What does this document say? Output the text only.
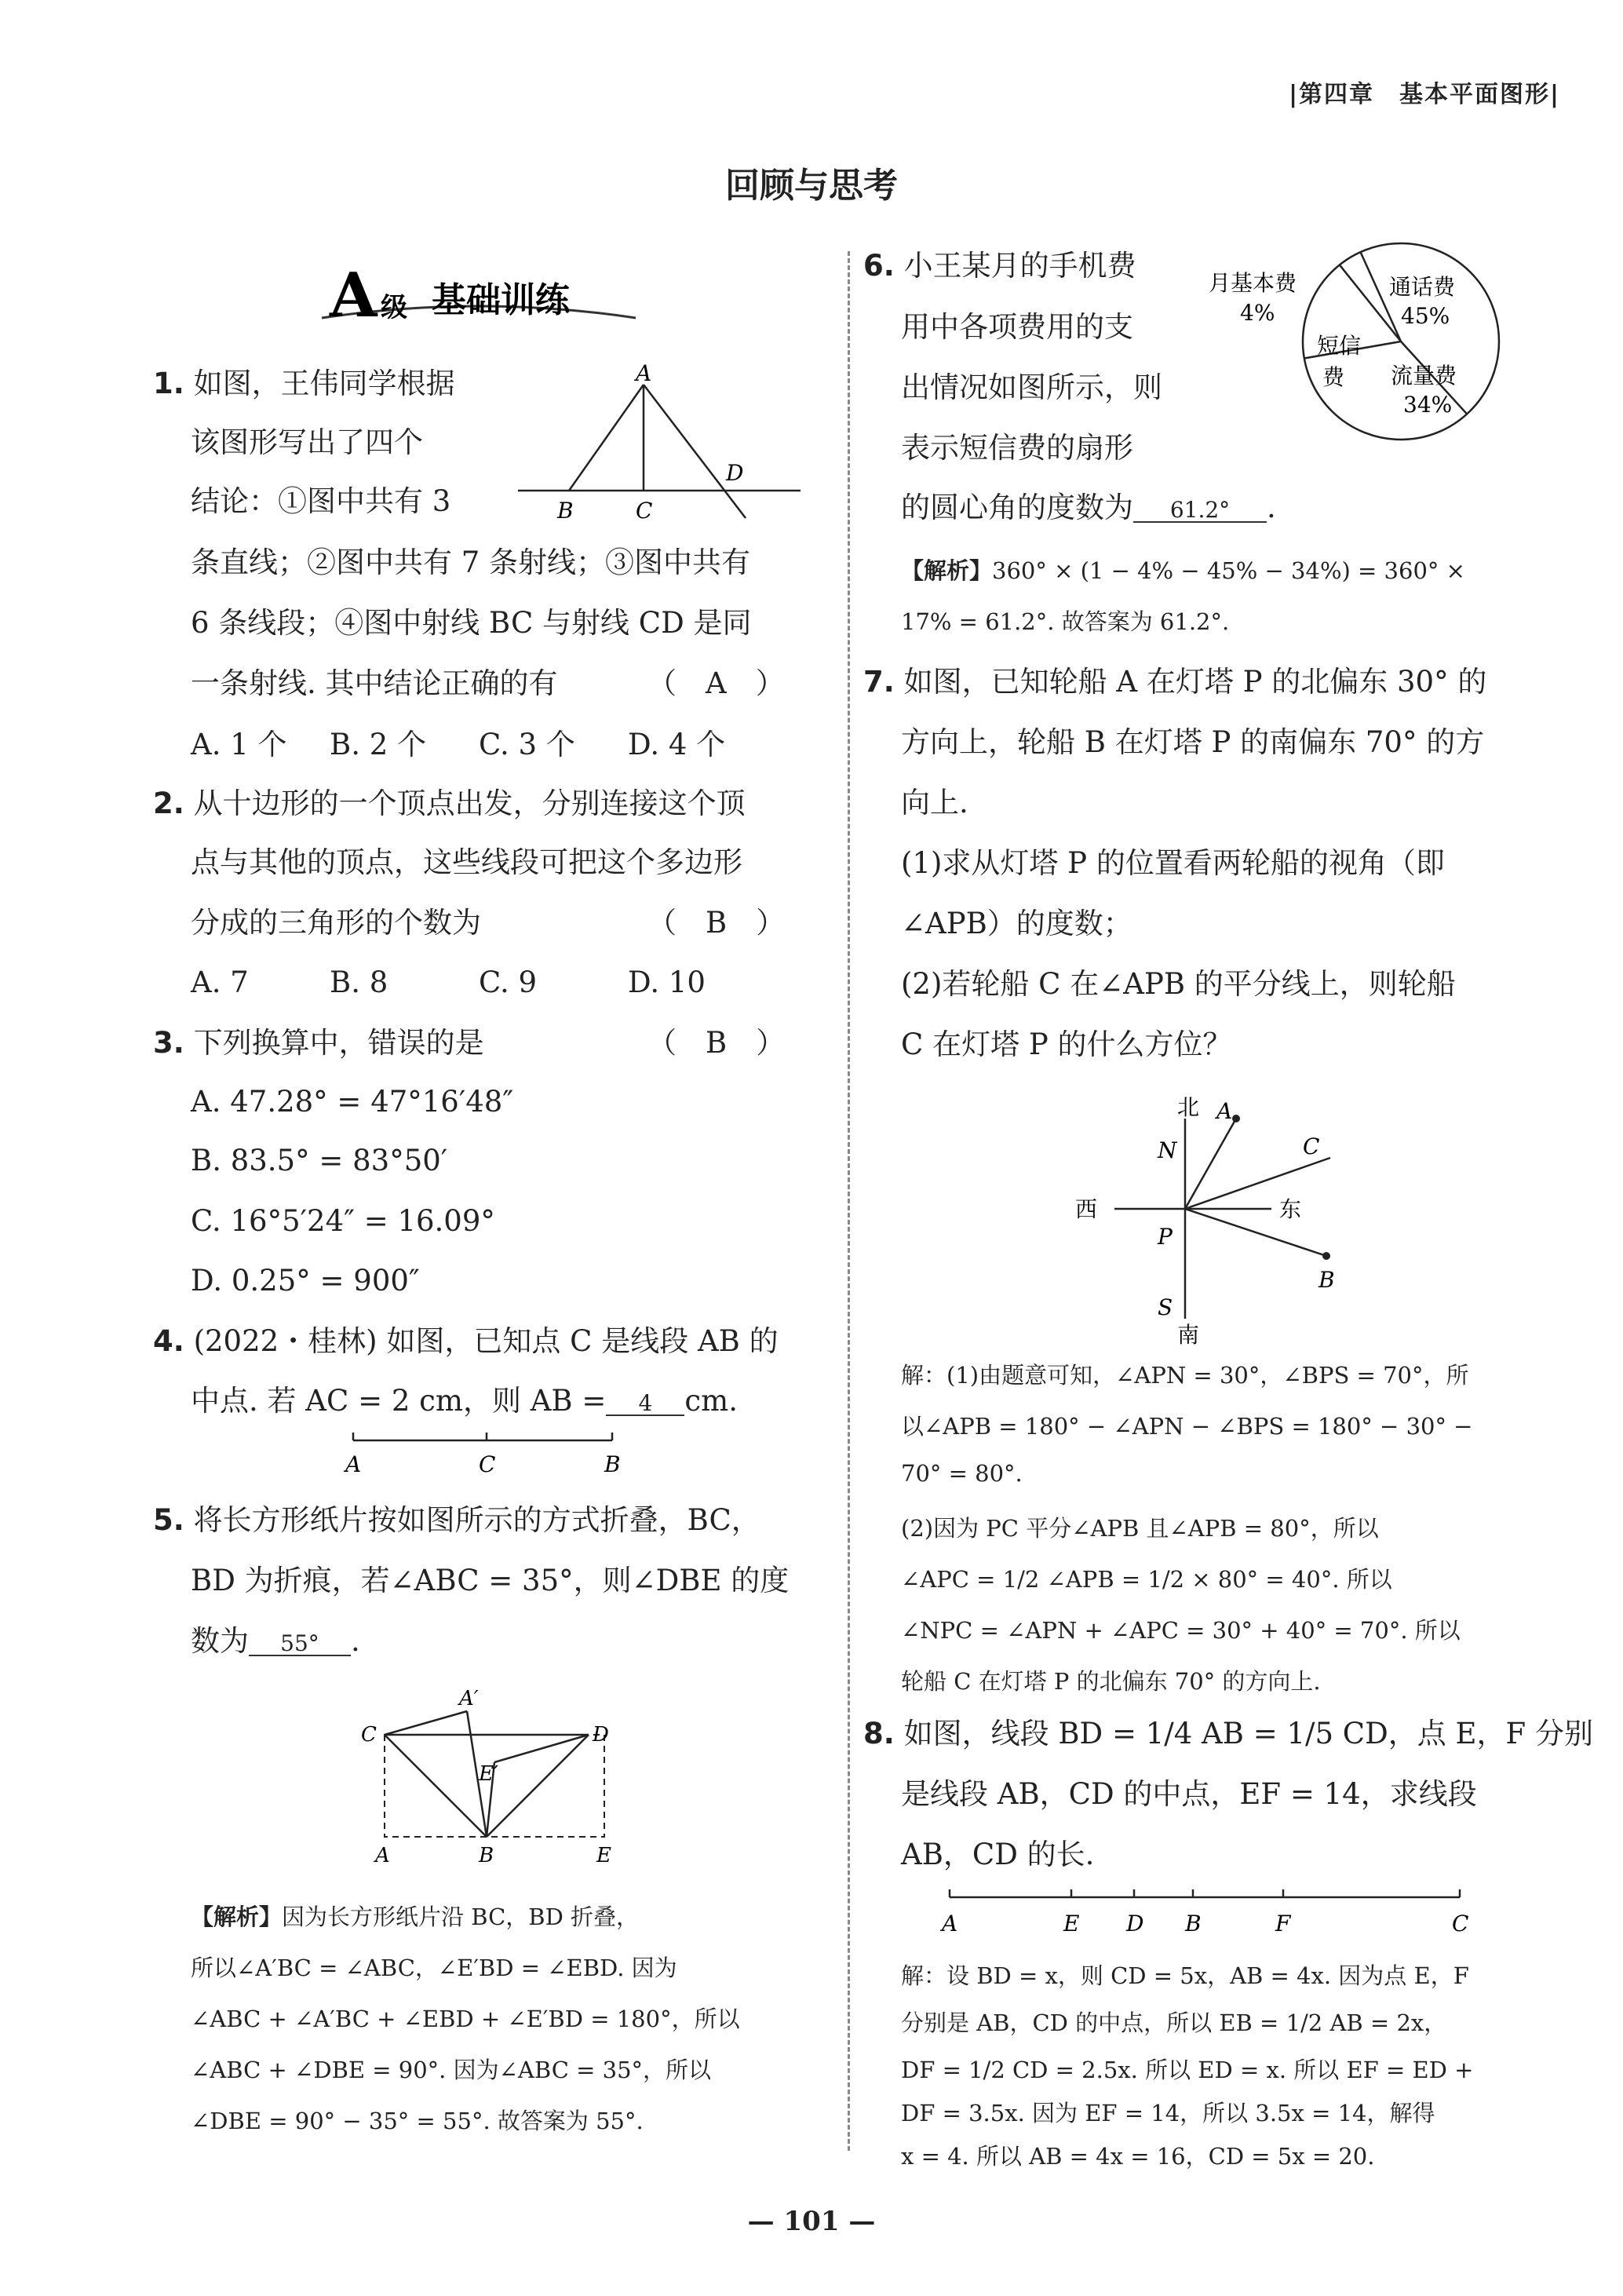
|第四章　基本平面图形|
回顾与思考
A 级 基础训练
1. 如图，王伟同学根据
该图形写出了四个
结论：①图中共有 3
条直线；②图中共有 7 条射线；③图中共有
6 条线段；④图中射线 BC 与射线 CD 是同
一条射线. 其中结论正确的有	（　A　）
A. 1 个 B. 2 个 C. 3 个 D. 4 个
A
B	C
D
2. 从十边形的一个顶点出发，分别连接这个顶
点与其他的顶点，这些线段可把这个多边形
分成的三角形的个数为	（　B　）
A. 7	B. 8	C. 9	D. 10
3. 下列换算中，错误的是	（　B　）
A. 47.28° = 47°16′48″
B. 83.5° = 83°50′
C. 16°5′24″ = 16.09°
D. 0.25° = 900″
4. (2022・桂林) 如图，已知点 C 是线段 AB 的
中点. 若 AC = 2 cm，则 AB = 4 cm.
A	C	B
5. 将长方形纸片按如图所示的方式折叠，BC，
BD 为折痕，若∠ABC = 35°，则∠DBE 的度
数为 55° .
A′
C
E′
D
A	B	E
【解析】因为长方形纸片沿 BC，BD 折叠，
所以∠A′BC = ∠ABC，∠E′BD = ∠EBD. 因为
∠ABC + ∠A′BC + ∠EBD + ∠E′BD = 180°，所以
∠ABC + ∠DBE = 90°. 因为∠ABC = 35°，所以
∠DBE = 90° − 35° = 55°. 故答案为 55°.
6. 小王某月的手机费
用中各项费用的支
出情况如图所示，则
表示短信费的扇形
的圆心角的度数为 61.2° .
月基本费
4%
通话费
45%
短信
费 流量费
34%
【解析】360° × (1 − 4% − 45% − 34%) = 360° ×
17% = 61.2°. 故答案为 61.2°.
7. 如图，已知轮船 A 在灯塔 P 的北偏东 30° 的
方向上，轮船 B 在灯塔 P 的南偏东 70° 的方
向上.
(1)求从灯塔 P 的位置看两轮船的视角（即
∠APB）的度数；
(2)若轮船 C 在∠APB 的平分线上，则轮船
C 在灯塔 P 的什么方位？
北 A
N	C
西
P
东
B
S
南
解：(1)由题意可知，∠APN = 30°，∠BPS = 70°，所
以∠APB = 180° − ∠APN − ∠BPS = 180° − 30° −
70° = 80°.
(2)因为 PC 平分∠APB 且∠APB = 80°，所以
∠APC = 1/2 ∠APB = 1/2 × 80° = 40°. 所以
∠NPC = ∠APN + ∠APC = 30° + 40° = 70°. 所以
轮船 C 在灯塔 P 的北偏东 70° 的方向上.
8. 如图，线段 BD = 1/4 AB = 1/5 CD，点 E，F 分别
是线段 AB，CD 的中点，EF = 14，求线段
AB，CD 的长.
A	E D B	F	C
解：设 BD = x，则 CD = 5x，AB = 4x. 因为点 E，F
分别是 AB，CD 的中点，所以 EB = 1/2 AB = 2x，
DF = 1/2 CD = 2.5x. 所以 ED = x. 所以 EF = ED +
DF = 3.5x. 因为 EF = 14，所以 3.5x = 14，解得
x = 4. 所以 AB = 4x = 16，CD = 5x = 20.
— 101 —
